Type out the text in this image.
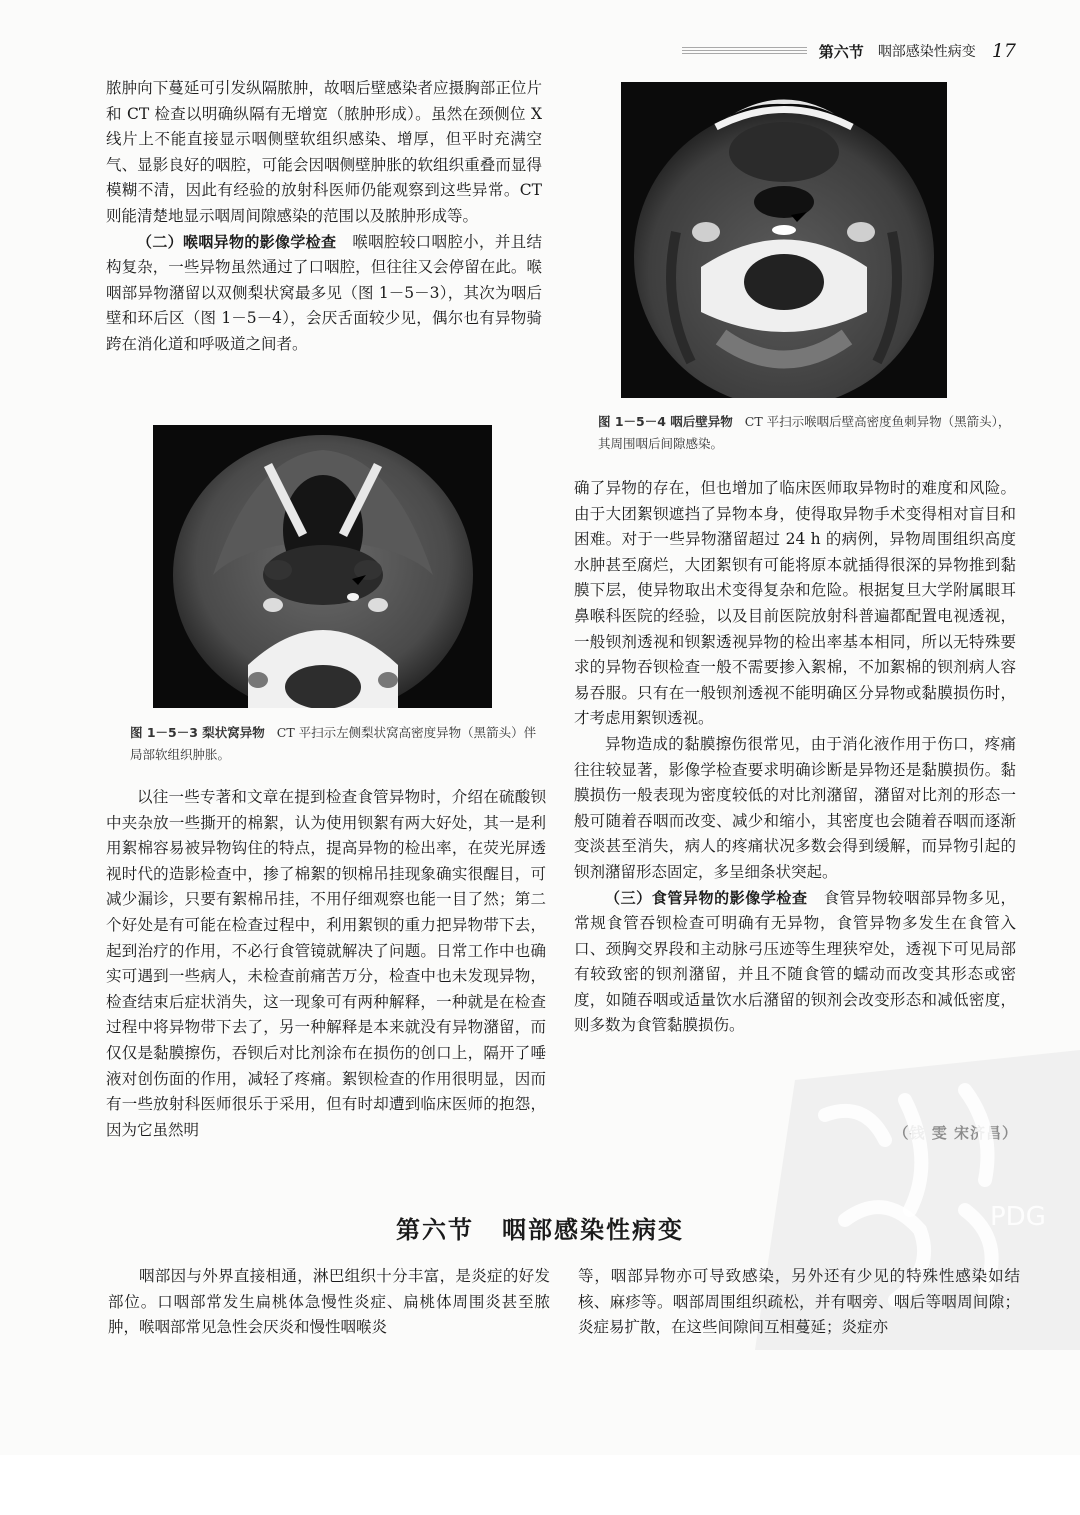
第六节 咽部感染性病变 17

脓肿向下蔓延可引发纵隔脓肿，故咽后壁感染者应摄胸部正位片和 CT 检查以明确纵隔有无增宽（脓肿形成）。虽然在颈侧位 X 线片上不能直接显示咽侧壁软组织感染、增厚，但平时充满空气、显影良好的咽腔，可能会因咽侧壁肿胀的软组织重叠而显得模糊不清，因此有经验的放射科医师仍能观察到这些异常。CT 则能清楚地显示咽周间隙感染的范围以及脓肿形成等。

（二）喉咽异物的影像学检查 喉咽腔较口咽腔小，并且结构复杂，一些异物虽然通过了口咽腔，但往往又会停留在此。喉咽部异物潴留以双侧梨状窝最多见（图 1－5－3），其次为咽后壁和环后区（图 1－5－4），会厌舌面较少见，偶尔也有异物骑跨在消化道和呼吸道之间者。

图 1－5－3 梨状窝异物 CT 平扫示左侧梨状窝高密度异物（黑箭头）伴局部软组织肿胀。

以往一些专著和文章在提到检查食管异物时，介绍在硫酸钡中夹杂放一些撕开的棉絮，认为使用钡絮有两大好处，其一是利用絮棉容易被异物钩住的特点，提高异物的检出率，在荧光屏透视时代的造影检查中，掺了棉絮的钡棉吊挂现象确实很醒目，可减少漏诊，只要有絮棉吊挂，不用仔细观察也能一目了然；第二个好处是有可能在检查过程中，利用絮钡的重力把异物带下去，起到治疗的作用，不必行食管镜就解决了问题。日常工作中也确实可遇到一些病人，未检查前痛苦万分，检查中也未发现异物，检查结束后症状消失，这一现象可有两种解释，一种就是在检查过程中将异物带下去了，另一种解释是本来就没有异物潴留，而仅仅是黏膜擦伤，吞钡后对比剂涂布在损伤的创口上，隔开了唾液对创伤面的作用，减轻了疼痛。絮钡检查的作用很明显，因而有一些放射科医师很乐于采用，但有时却遭到临床医师的抱怨，因为它虽然明

图 1－5－4 咽后壁异物 CT 平扫示喉咽后壁高密度鱼刺异物（黑箭头），其周围咽后间隙感染。

确了异物的存在，但也增加了临床医师取异物时的难度和风险。由于大团絮钡遮挡了异物本身，使得取异物手术变得相对盲目和困难。对于一些异物潴留超过 24 h 的病例，异物周围组织高度水肿甚至腐烂，大团絮钡有可能将原本就插得很深的异物推到黏膜下层，使异物取出术变得复杂和危险。根据复旦大学附属眼耳鼻喉科医院的经验，以及目前医院放射科普遍都配置电视透视，一般钡剂透视和钡絮透视异物的检出率基本相同，所以无特殊要求的异物吞钡检查一般不需要掺入絮棉，不加絮棉的钡剂病人容易吞服。只有在一般钡剂透视不能明确区分异物或黏膜损伤时，才考虑用絮钡透视。

异物造成的黏膜擦伤很常见，由于消化液作用于伤口，疼痛往往较显著，影像学检查要求明确诊断是异物还是黏膜损伤。黏膜损伤一般表现为密度较低的对比剂潴留，潴留对比剂的形态一般可随着吞咽而改变、减少和缩小，其密度也会随着吞咽而逐渐变淡甚至消失，病人的疼痛状况多数会得到缓解，而异物引起的钡剂潴留形态固定，多呈细条状突起。

（三）食管异物的影像学检查 食管异物较咽部异物多见，常规食管吞钡检查可明确有无异物，食管异物多发生在食管入口、颈胸交界段和主动脉弓压迹等生理狭窄处，透视下可见局部有较致密的钡剂潴留，并且不随食管的蠕动而改变其形态或密度，如随吞咽或适量饮水后潴留的钡剂会改变形态和减低密度，则多数为食管黏膜损伤。

PDG
第六节 咽部感染性病变

咽部因与外界直接相通，淋巴组织十分丰富，是炎症的好发部位。口咽部常发生扁桃体急慢性炎症、扁桃体周围炎甚至脓肿，喉咽部常见急性会厌炎和慢性咽喉炎

等，咽部异物亦可导致感染，另外还有少见的特殊性感染如结核、麻疹等。咽部周围组织疏松，并有咽旁、咽后等咽周间隙；炎症易扩散，在这些间隙间互相蔓延；炎症亦
